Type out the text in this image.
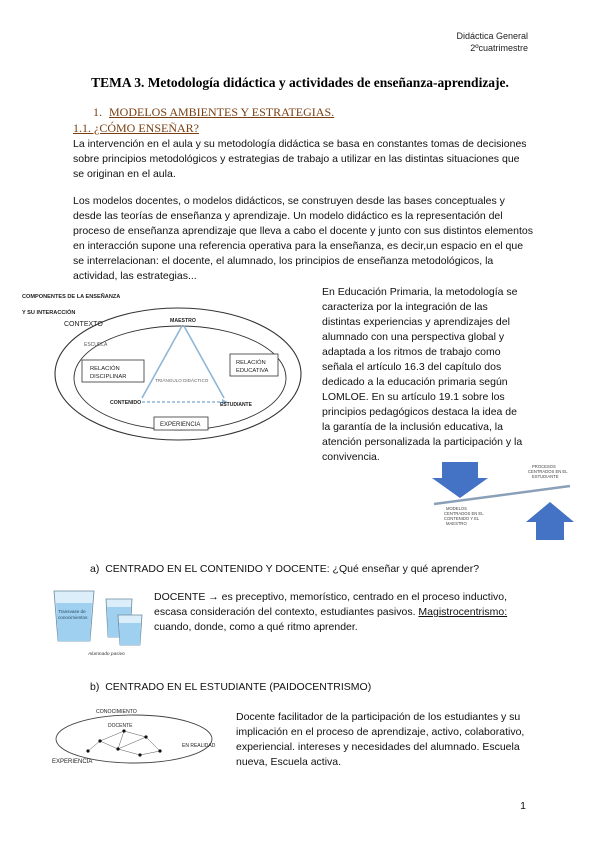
Didáctica General
2ºcuatrimestre
TEMA 3. Metodología didáctica y actividades de enseñanza-aprendizaje.
1. MODELOS AMBIENTES Y ESTRATEGIAS.
1.1. ¿CÓMO ENSEÑAR?

La intervención en el aula y su metodología didáctica se basa en constantes tomas de decisiones sobre principios metodológicos y estrategias de trabajo a utilizar en las distintas situaciones que se originan en el aula.

Los modelos docentes, o modelos didácticos, se construyen desde las bases conceptuales y desde las teorías de enseñanza y aprendizaje. Un modelo didáctico es la representación del proceso de enseñanza aprendizaje que lleva a cabo el docente y junto con sus distintos elementos en interacción supone una referencia operativa para la enseñanza, es decir,un espacio en el que se interrelacionan: el docente, el alumnado, los principios de enseñanza metodológicos, la actividad, las estrategias...

COMPONENTES DE LA ENSEÑANZA
Y SU INTERACCIÓN
CONTEXTO
ESCUELA
MAESTRO
RELACIÓN
DISCIPLINAR
RELACIÓN
EDUCATIVA
TRIÁNGULO DIDÁCTICO
CONTENIDO	ESTUDIANTE
EXPERIENCIA

En Educación Primaria, la metodología se caracteriza por la integración de las distintas experiencias y aprendizajes del alumnado con una perspectiva global y adaptada a los ritmos de trabajo como señala el artículo 16.3 del capítulo dos dedicado a la educación primaria según LOMLOE. En su artículo 19.1 sobre los principios pedagógicos destaca la idea de la garantía de la inclusión educativa, la atención personalizada la participación y la convivencia.

PROCESOS
CENTRADOS EN EL
ESTUDIANTE
MODELOS
CENTRADOS EN EL
CONTENIDO Y EL
MAESTRO
a) CENTRADO EN EL CONTENIDO Y DOCENTE: ¿Qué enseñar y qué aprender?
Transvase de
conocimientos
Alumnado pasivo

DOCENTE → es preceptivo, memorístico, centrado en el proceso inductivo, escasa consideración del contexto, estudiantes pasivos. Magistrocentrismo: cuando, donde, como a qué ritmo aprender.

b) CENTRADO EN EL ESTUDIANTE (PAIDOCENTRISMO)
CONOCIMIENTO
DOCENTE
EN REALIDAD
EXPERIENCIA

Docente facilitador de la participación de los estudiantes y su implicación en el proceso de aprendizaje, activo, colaborativo, experiencial. intereses y necesidades del alumnado. Escuela nueva, Escuela activa.

1
